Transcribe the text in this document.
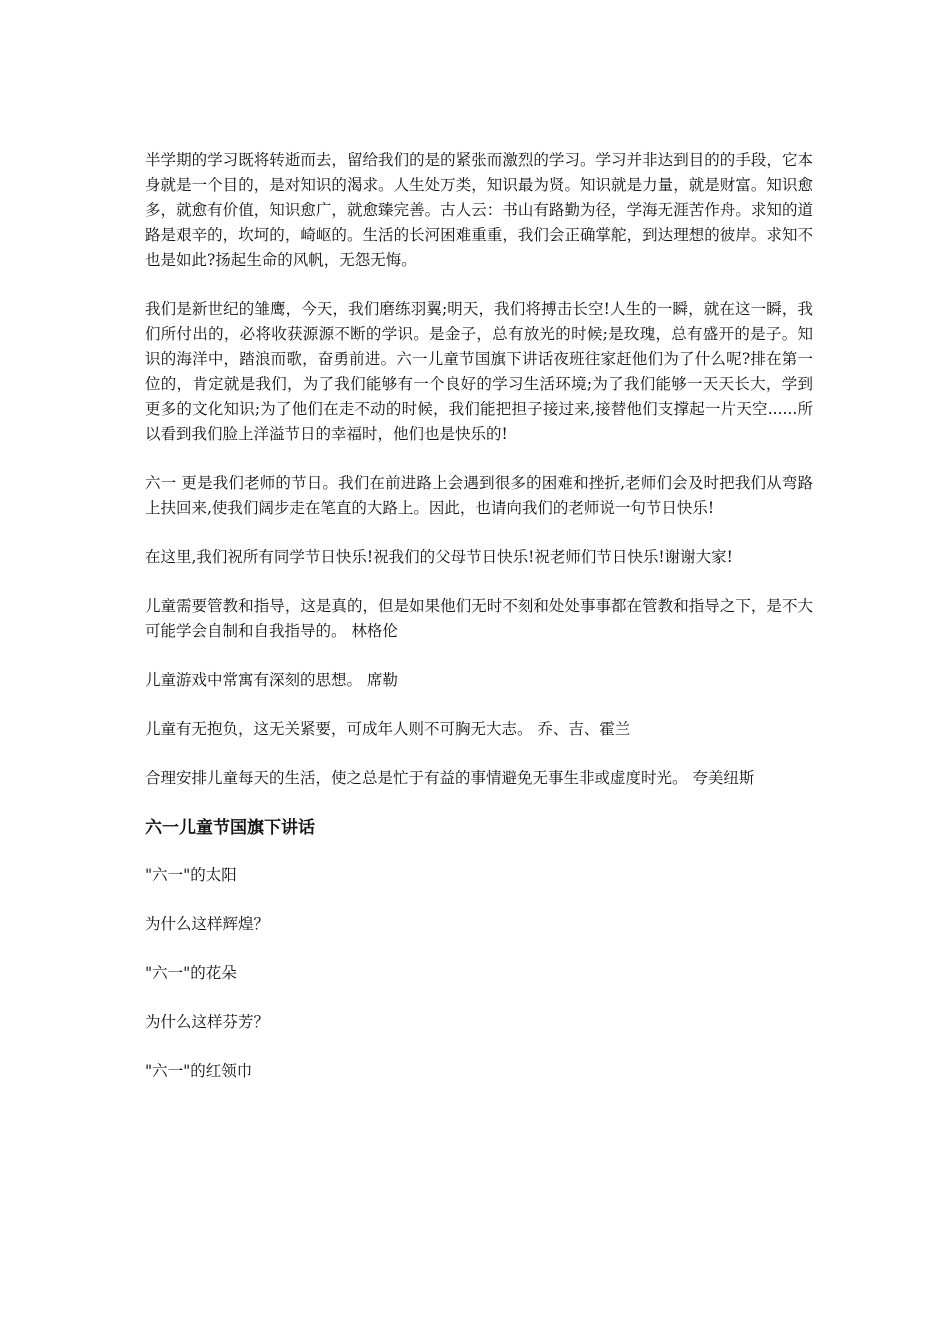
半学期的学习既将转逝而去，留给我们的是的紧张而激烈的学习。学习并非达到目的的手段，它本身就是一个目的，是对知识的渴求。人生处万类，知识最为贤。知识就是力量，就是财富。知识愈多，就愈有价值，知识愈广，就愈臻完善。古人云：书山有路勤为径，学海无涯苦作舟。求知的道路是艰辛的，坎坷的，崎岖的。生活的长河困难重重，我们会正确掌舵，到达理想的彼岸。求知不也是如此?扬起生命的风帆，无怨无悔。

我们是新世纪的雏鹰，今天，我们磨练羽翼;明天，我们将搏击长空!人生的一瞬，就在这一瞬，我们所付出的，必将收获源源不断的学识。是金子，总有放光的时候;是玫瑰，总有盛开的是子。知识的海洋中，踏浪而歌，奋勇前进。六一儿童节国旗下讲话夜班往家赶他们为了什么呢?排在第一位的，肯定就是我们，为了我们能够有一个良好的学习生活环境;为了我们能够一天天长大，学到更多的文化知识;为了他们在走不动的时候，我们能把担子接过来,接替他们支撑起一片天空......所以看到我们脸上洋溢节日的幸福时，他们也是快乐的!

六一 更是我们老师的节日。我们在前进路上会遇到很多的困难和挫折,老师们会及时把我们从弯路上扶回来,使我们阔步走在笔直的大路上。因此，也请向我们的老师说一句节日快乐!

在这里,我们祝所有同学节日快乐!祝我们的父母节日快乐!祝老师们节日快乐!谢谢大家!

儿童需要管教和指导，这是真的，但是如果他们无时不刻和处处事事都在管教和指导之下，是不大可能学会自制和自我指导的。 林格伦

儿童游戏中常寓有深刻的思想。 席勒

儿童有无抱负，这无关紧要，可成年人则不可胸无大志。 乔、吉、霍兰

合理安排儿童每天的生活，使之总是忙于有益的事情避免无事生非或虚度时光。 夸美纽斯

六一儿童节国旗下讲话

"六一"的太阳

为什么这样辉煌？

"六一"的花朵

为什么这样芬芳？

"六一"的红领巾
